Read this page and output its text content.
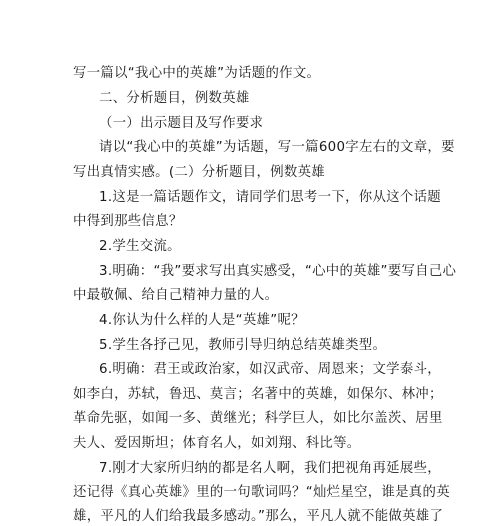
写一篇以“我心中的英雄”为话题的作文。
二、分析题目，例数英雄
（一）出示题目及写作要求
请以“我心中的英雄”为话题，写一篇600字左右的文章，要
写出真情实感。(二）分析题目，例数英雄
1.这是一篇话题作文，请同学们思考一下，你从这个话题
中得到那些信息？
2.学生交流。
3.明确：“我”要求写出真实感受，“心中的英雄”要写自己心
中最敬佩、给自己精神力量的人。
4.你认为什么样的人是“英雄”呢？
5.学生各抒己见，教师引导归纳总结英雄类型。
6.明确：君王或政治家，如汉武帝、周恩来；文学泰斗，
如李白，苏轼，鲁迅、莫言；名著中的英雄，如保尔、林冲；
革命先驱，如闻一多、黄继光；科学巨人，如比尔盖茨、居里
夫人、爱因斯坦；体育名人，如刘翔、科比等。
7.刚才大家所归纳的都是名人啊，我们把视角再延展些，
还记得《真心英雄》里的一句歌词吗？“灿烂星空，谁是真的英
雄，平凡的人们给我最多感动。”那么，平凡人就不能做英雄了
